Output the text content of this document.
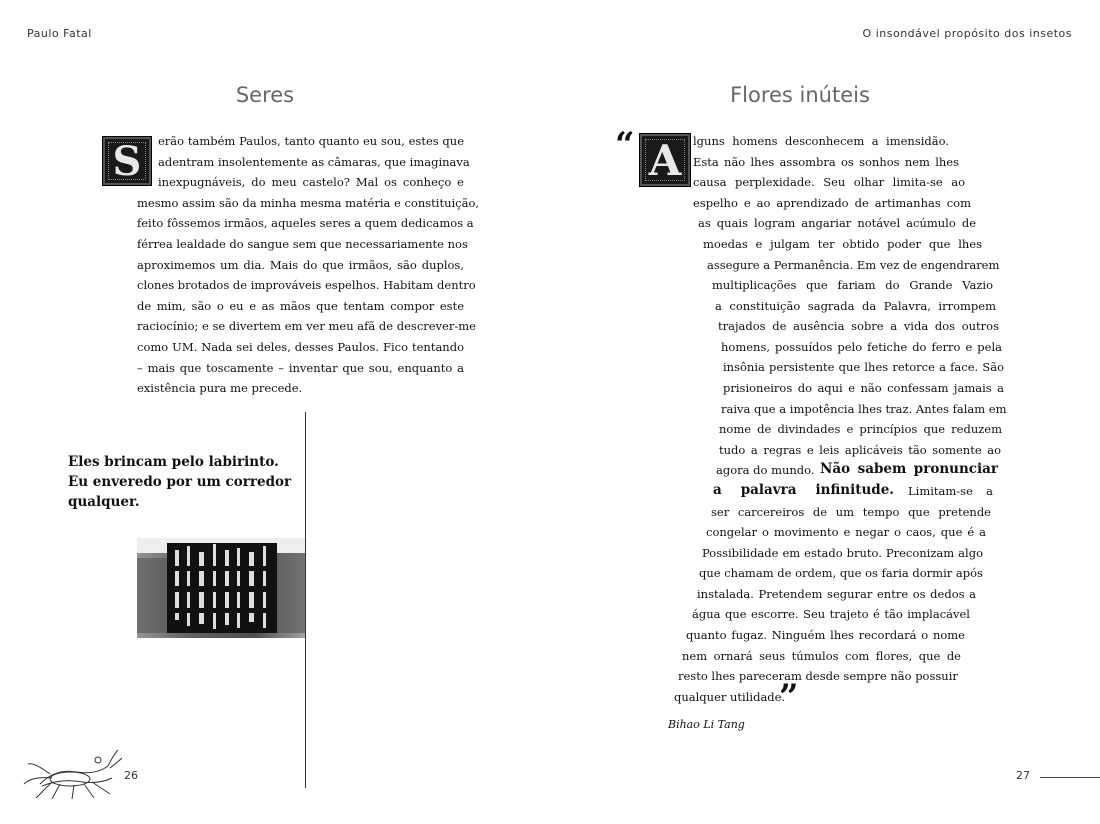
Paulo Fatal	O insondável propósito dos insetos
Seres
S	erão também Paulos, tanto quanto eu sou, estes que

adentram insolentemente as câmaras, que imaginava

inexpugnáveis, do meu castelo? Mal os conheço e

mesmo assim são da minha mesma matéria e constituição,

feito fôssemos irmãos, aqueles seres a quem dedicamos a

férrea lealdade do sangue sem que necessariamente nos

aproximemos um dia. Mais do que irmãos, são duplos,

clones brotados de improváveis espelhos. Habitam dentro

de mim, são o eu e as mãos que tentam compor este

raciocínio; e se divertem em ver meu afã de descrever-me

como UM. Nada sei deles, desses Paulos. Fico tentando

– mais que toscamente – inventar que sou, enquanto a

existência pura me precede.

Eles brincam pelo labirinto.

Eu enveredo por um corredor

qualquer.

26
Flores inúteis
“ A	lguns homens desconhecem a imensidão.
Esta não lhes assombra os sonhos nem lhes
causa perplexidade. Seu olhar limita-se ao
espelho e ao aprendizado de artimanhas com
as quais logram angariar notável acúmulo de
moedas e julgam ter obtido poder que lhes
assegure a Permanência. Em vez de engendrarem
multiplicações que fariam do Grande Vazio
a constituição sagrada da Palavra, irrompem
trajados de ausência sobre a vida dos outros
homens, possuídos pelo fetiche do ferro e pela
insônia persistente que lhes retorce a face. São
prisioneiros do aqui e não confessam jamais a
raiva que a impotência lhes traz. Antes falam em
nome de divindades e princípios que reduzem
tudo a regras e leis aplicáveis tão somente ao
agora do mundo. Não sabem pronunciar
a palavra infinitude. Limitam-se a
ser carcereiros de um tempo que pretende
congelar o movimento e negar o caos, que é a
Possibilidade em estado bruto. Preconizam algo
que chamam de ordem, que os faria dormir após
instalada. Pretendem segurar entre os dedos a
água que escorre. Seu trajeto é tão implacável
quanto fugaz. Ninguém lhes recordará o nome
nem ornará seus túmulos com flores, que de
resto lhes pareceram desde sempre não possuir
qualquer utilidade.
”
Bihao Li Tang
27
